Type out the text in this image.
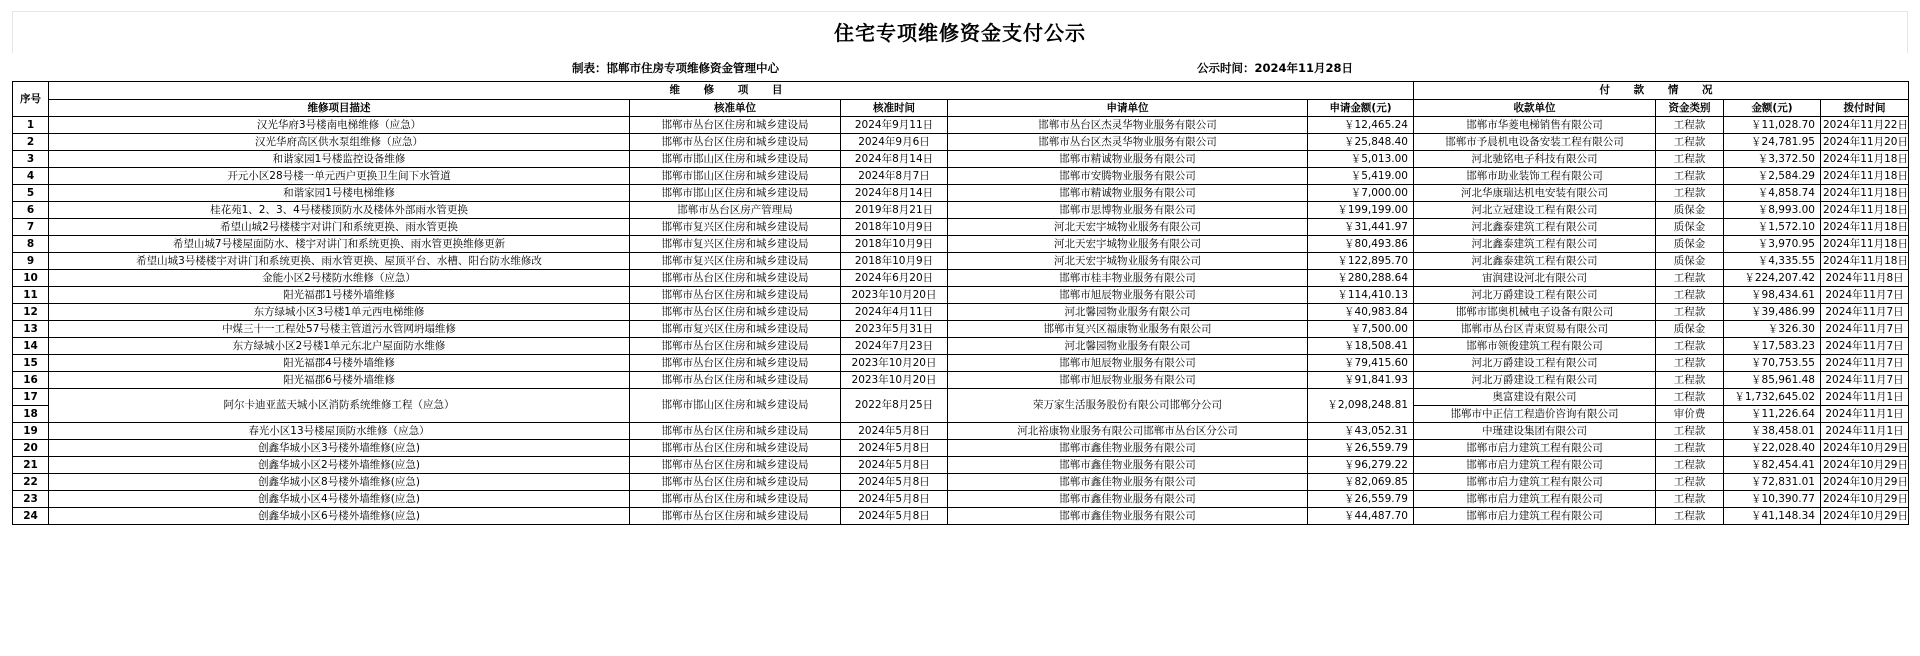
住宅专项维修资金支付公示
制表：邯郸市住房专项维修资金管理中心	公示时间：2024年11月28日
序号	维 修 项 目					付 款 情 况			
	维修项目描述	核准单位	核准时间	申请单位	申请金额(元)	收款单位	资金类别	金额(元)	拨付时间
1	汉光华府3号楼南电梯维修（应急）	邯郸市丛台区住房和城乡建设局	2024年9月11日	邯郸市丛台区杰灵华物业服务有限公司	￥12,465.24	邯郸市华菱电梯销售有限公司	工程款	￥11,028.70	2024年11月22日
2	汉光华府高区供水泵组维修（应急）	邯郸市丛台区住房和城乡建设局	2024年9月6日	邯郸市丛台区杰灵华物业服务有限公司	￥25,848.40	邯郸市予晨机电设备安装工程有限公司	工程款	￥24,781.95	2024年11月20日
3	和谐家园1号楼监控设备维修	邯郸市邯山区住房和城乡建设局	2024年8月14日	邯郸市精诚物业服务有限公司	￥5,013.00	河北驰铭电子科技有限公司	工程款	￥3,372.50	2024年11月18日
4	开元小区28号楼一单元西户更换卫生间下水管道	邯郸市邯山区住房和城乡建设局	2024年8月7日	邯郸市安腾物业服务有限公司	￥5,419.00	邯郸市助业装饰工程有限公司	工程款	￥2,584.29	2024年11月18日
5	和谐家园1号楼电梯维修	邯郸市邯山区住房和城乡建设局	2024年8月14日	邯郸市精诚物业服务有限公司	￥7,000.00	河北华康瑞达机电安装有限公司	工程款	￥4,858.74	2024年11月18日
6	桂花苑1、2、3、4号楼楼顶防水及楼体外部雨水管更换	邯郸市丛台区房产管理局	2019年8月21日	邯郸市思博物业服务有限公司	￥199,199.00	河北立冠建设工程有限公司	质保金	￥8,993.00	2024年11月18日
7	希望山城2号楼楼宇对讲门和系统更换、雨水管更换	邯郸市复兴区住房和城乡建设局	2018年10月9日	河北天宏宇城物业服务有限公司	￥31,441.97	河北鑫泰建筑工程有限公司	质保金	￥1,572.10	2024年11月18日
8	希望山城7号楼屋面防水、楼宇对讲门和系统更换、雨水管更换维修更新	邯郸市复兴区住房和城乡建设局	2018年10月9日	河北天宏宇城物业服务有限公司	￥80,493.86	河北鑫泰建筑工程有限公司	质保金	￥3,970.95	2024年11月18日
9	希望山城3号楼楼宇对讲门和系统更换、雨水管更换、屋顶平台、水槽、阳台防水维修改	邯郸市复兴区住房和城乡建设局	2018年10月9日	河北天宏宇城物业服务有限公司	￥122,895.70	河北鑫泰建筑工程有限公司	质保金	￥4,335.55	2024年11月18日
10	金能小区2号楼防水维修（应急）	邯郸市丛台区住房和城乡建设局	2024年6月20日	邯郸市桂丰物业服务有限公司	￥280,288.64	宙润建设河北有限公司	工程款	￥224,207.42	2024年11月8日
11	阳光福郡1号楼外墙维修	邯郸市丛台区住房和城乡建设局	2023年10月20日	邯郸市旭辰物业服务有限公司	￥114,410.13	河北万爵建设工程有限公司	工程款	￥98,434.61	2024年11月7日
12	东方绿城小区3号楼1单元西电梯维修	邯郸市丛台区住房和城乡建设局	2024年4月11日	河北馨园物业服务有限公司	￥40,983.84	邯郸市邯奥机械电子设备有限公司	工程款	￥39,486.99	2024年11月7日
13	中煤三十一工程处57号楼主管道污水管网坍塌维修	邯郸市复兴区住房和城乡建设局	2023年5月31日	邯郸市复兴区福康物业服务有限公司	￥7,500.00	邯郸市丛台区青束贸易有限公司	质保金	￥326.30	2024年11月7日
14	东方绿城小区2号楼1单元东北户屋面防水维修	邯郸市丛台区住房和城乡建设局	2024年7月23日	河北馨园物业服务有限公司	￥18,508.41	邯郸市领俊建筑工程有限公司	工程款	￥17,583.23	2024年11月7日
15	阳光福郡4号楼外墙维修	邯郸市丛台区住房和城乡建设局	2023年10月20日	邯郸市旭辰物业服务有限公司	￥79,415.60	河北万爵建设工程有限公司	工程款	￥70,753.55	2024年11月7日
16	阳光福郡6号楼外墙维修	邯郸市丛台区住房和城乡建设局	2023年10月20日	邯郸市旭辰物业服务有限公司	￥91,841.93	河北万爵建设工程有限公司	工程款	￥85,961.48	2024年11月7日
17	阿尔卡迪亚蓝天城小区消防系统维修工程（应急）	邯郸市邯山区住房和城乡建设局	2022年8月25日	荣万家生活服务股份有限公司邯郸分公司	￥2,098,248.81	奥富建设有限公司	工程款	￥1,732,645.02	2024年11月1日
18						邯郸市中正信工程造价咨询有限公司	审价费	￥11,226.64	2024年11月1日
19	春光小区13号楼屋顶防水维修（应急）	邯郸市丛台区住房和城乡建设局	2024年5月8日	河北裕康物业服务有限公司邯郸市丛台区分公司	￥43,052.31	中瑾建设集团有限公司	工程款	￥38,458.01	2024年11月1日
20	创鑫华城小区3号楼外墙维修(应急)	邯郸市丛台区住房和城乡建设局	2024年5月8日	邯郸市鑫佳物业服务有限公司	￥26,559.79	邯郸市启力建筑工程有限公司	工程款	￥22,028.40	2024年10月29日
21	创鑫华城小区2号楼外墙维修(应急)	邯郸市丛台区住房和城乡建设局	2024年5月8日	邯郸市鑫佳物业服务有限公司	￥96,279.22	邯郸市启力建筑工程有限公司	工程款	￥82,454.41	2024年10月29日
22	创鑫华城小区8号楼外墙维修(应急)	邯郸市丛台区住房和城乡建设局	2024年5月8日	邯郸市鑫佳物业服务有限公司	￥82,069.85	邯郸市启力建筑工程有限公司	工程款	￥72,831.01	2024年10月29日
23	创鑫华城小区4号楼外墙维修(应急)	邯郸市丛台区住房和城乡建设局	2024年5月8日	邯郸市鑫佳物业服务有限公司	￥26,559.79	邯郸市启力建筑工程有限公司	工程款	￥10,390.77	2024年10月29日
24	创鑫华城小区6号楼外墙维修(应急)	邯郸市丛台区住房和城乡建设局	2024年5月8日	邯郸市鑫佳物业服务有限公司	￥44,487.70	邯郸市启力建筑工程有限公司	工程款	￥41,148.34	2024年10月29日
